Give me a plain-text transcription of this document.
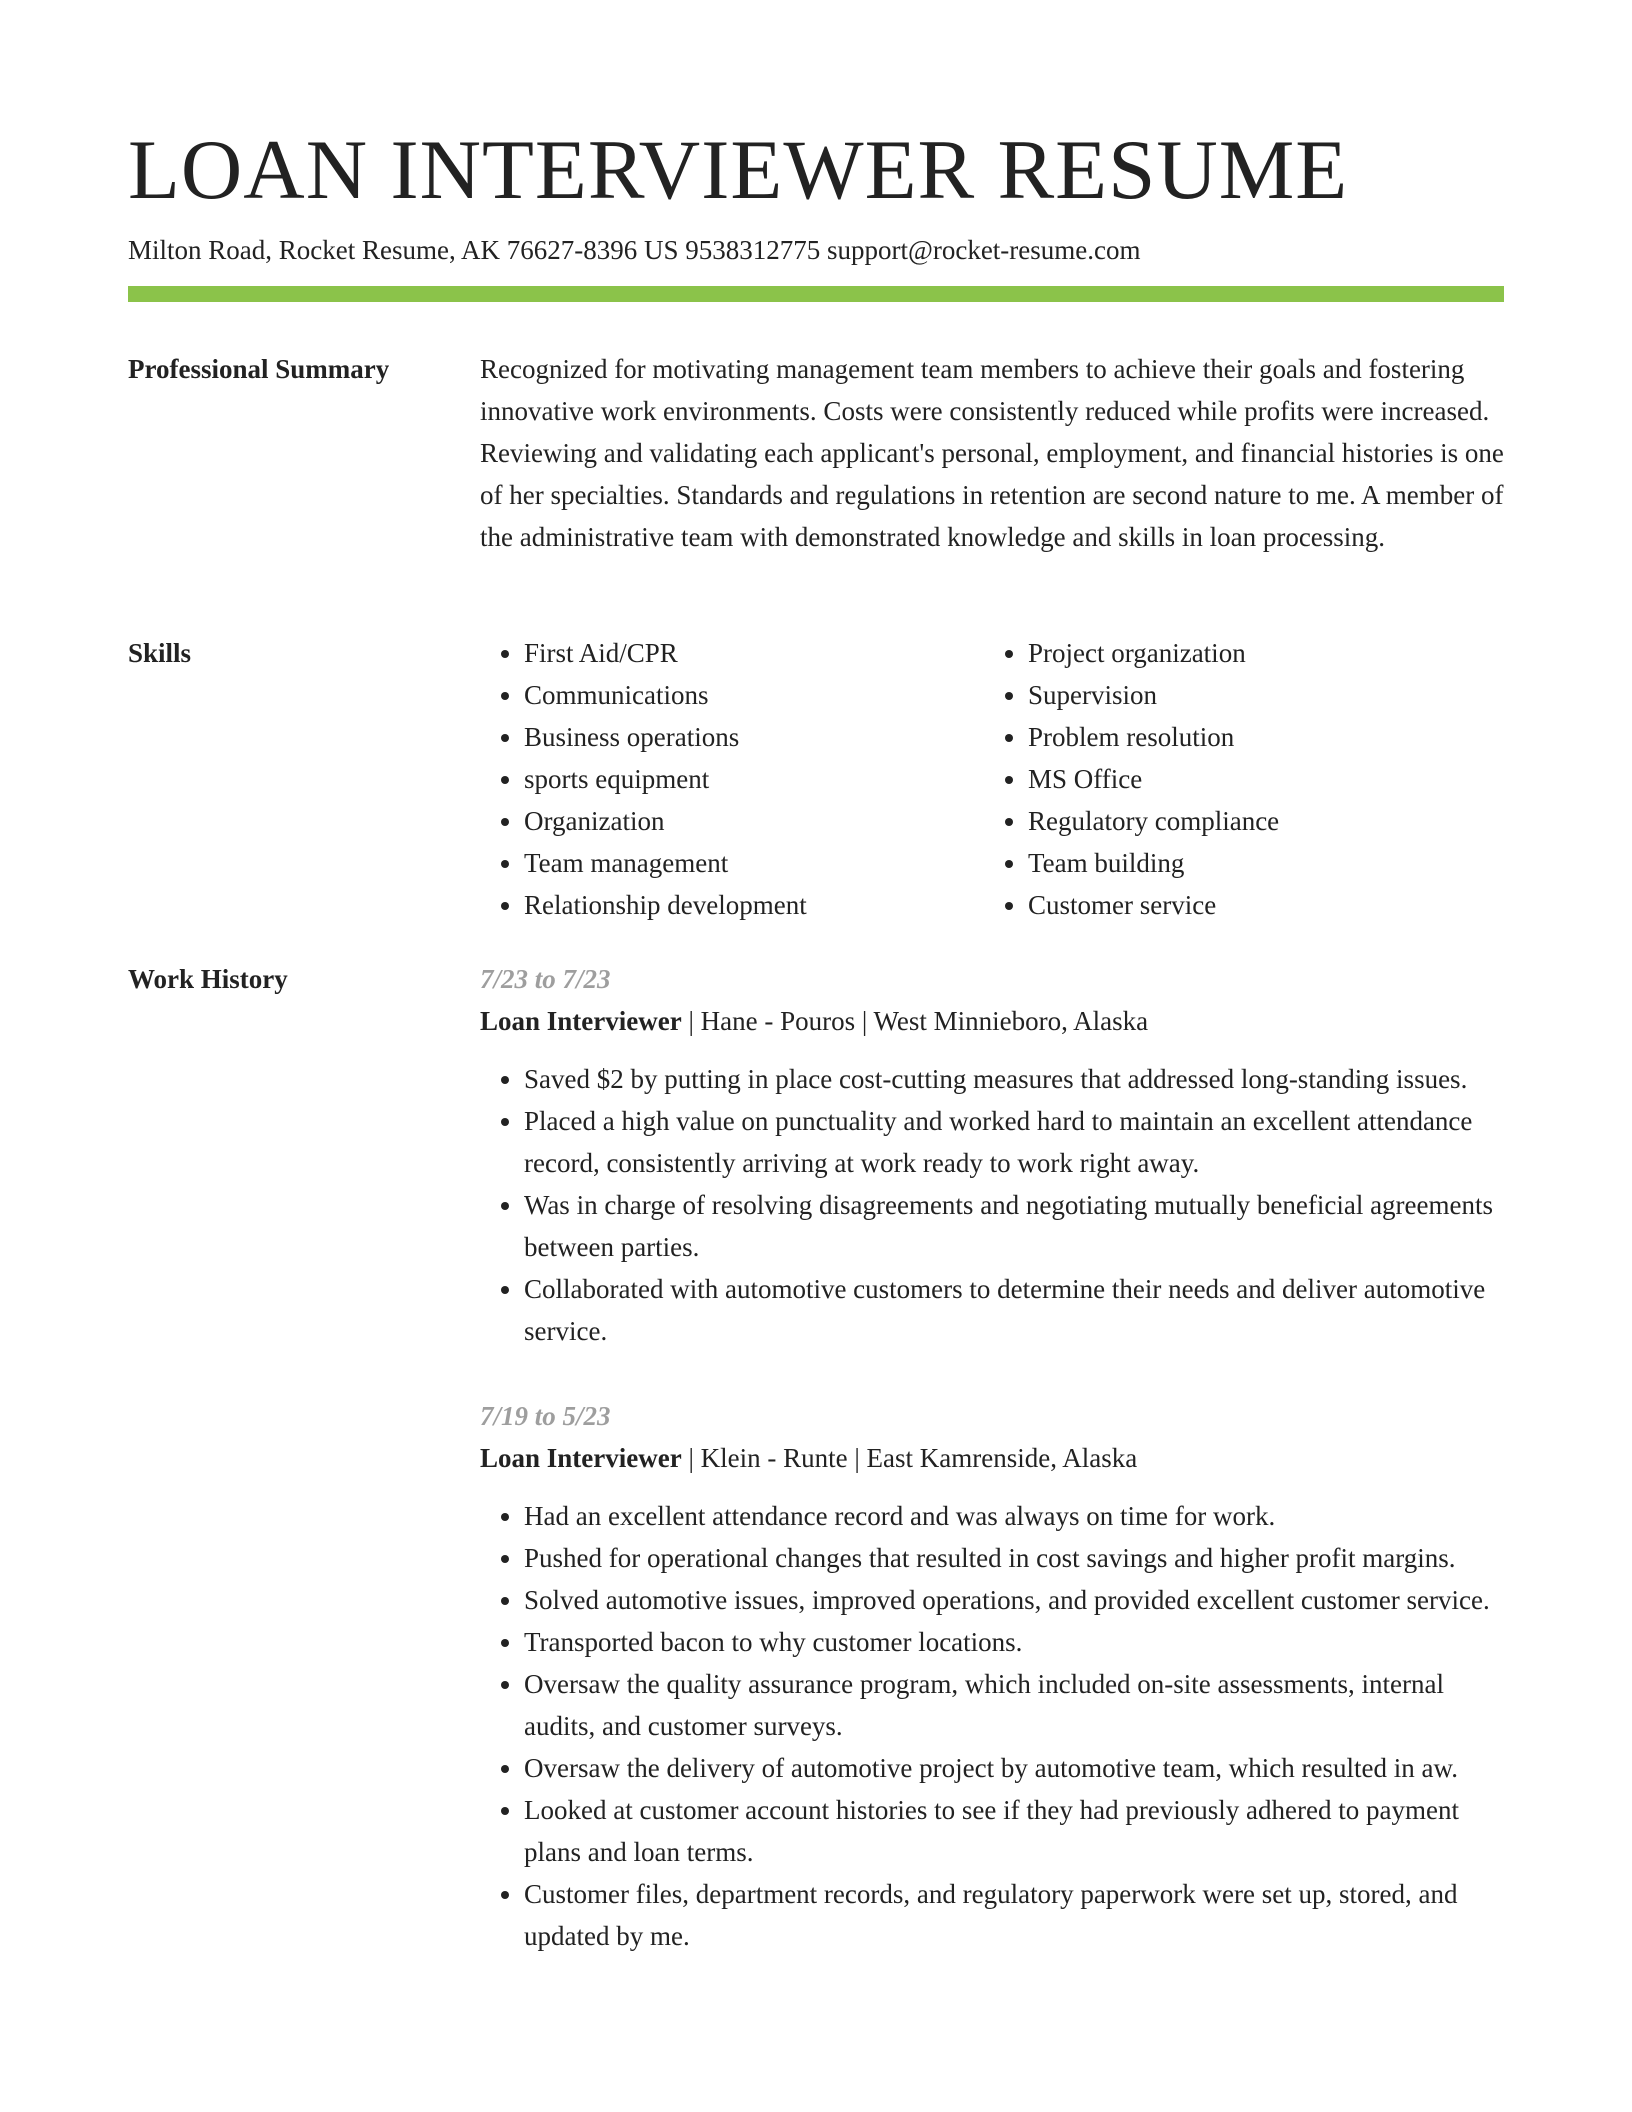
LOAN INTERVIEWER RESUME
Milton Road, Rocket Resume, AK 76627-8396 US 9538312775 support@rocket-resume.com
Professional Summary	Recognized for motivating management team members to achieve their goals and fostering innovative work environments. Costs were consistently reduced while profits were increased. Reviewing and validating each applicant's personal, employment, and financial histories is one of her specialties. Standards and regulations in retention are second nature to me. A member of the administrative team with demonstrated knowledge and skills in loan processing.

Skills	• First Aid/CPR
• Communications
• Business operations
• sports equipment
• Organization
• Team management
• Relationship development
• Project organization
• Supervision
• Problem resolution
• MS Office
• Regulatory compliance
• Team building
• Customer service
Work History	7/23 to 7/23
Loan Interviewer | Hane - Pouros | West Minnieboro, Alaska
• Saved $2 by putting in place cost-cutting measures that addressed long-standing issues.
• Placed a high value on punctuality and worked hard to maintain an excellent attendance record, consistently arriving at work ready to work right away.
• Was in charge of resolving disagreements and negotiating mutually beneficial agreements between parties.
• Collaborated with automotive customers to determine their needs and deliver automotive service.
7/19 to 5/23
Loan Interviewer | Klein - Runte | East Kamrenside, Alaska
• Had an excellent attendance record and was always on time for work.
• Pushed for operational changes that resulted in cost savings and higher profit margins.
• Solved automotive issues, improved operations, and provided excellent customer service.
• Transported bacon to why customer locations.
• Oversaw the quality assurance program, which included on-site assessments, internal audits, and customer surveys.
• Oversaw the delivery of automotive project by automotive team, which resulted in aw.
• Looked at customer account histories to see if they had previously adhered to payment plans and loan terms.
• Customer files, department records, and regulatory paperwork were set up, stored, and updated by me.
